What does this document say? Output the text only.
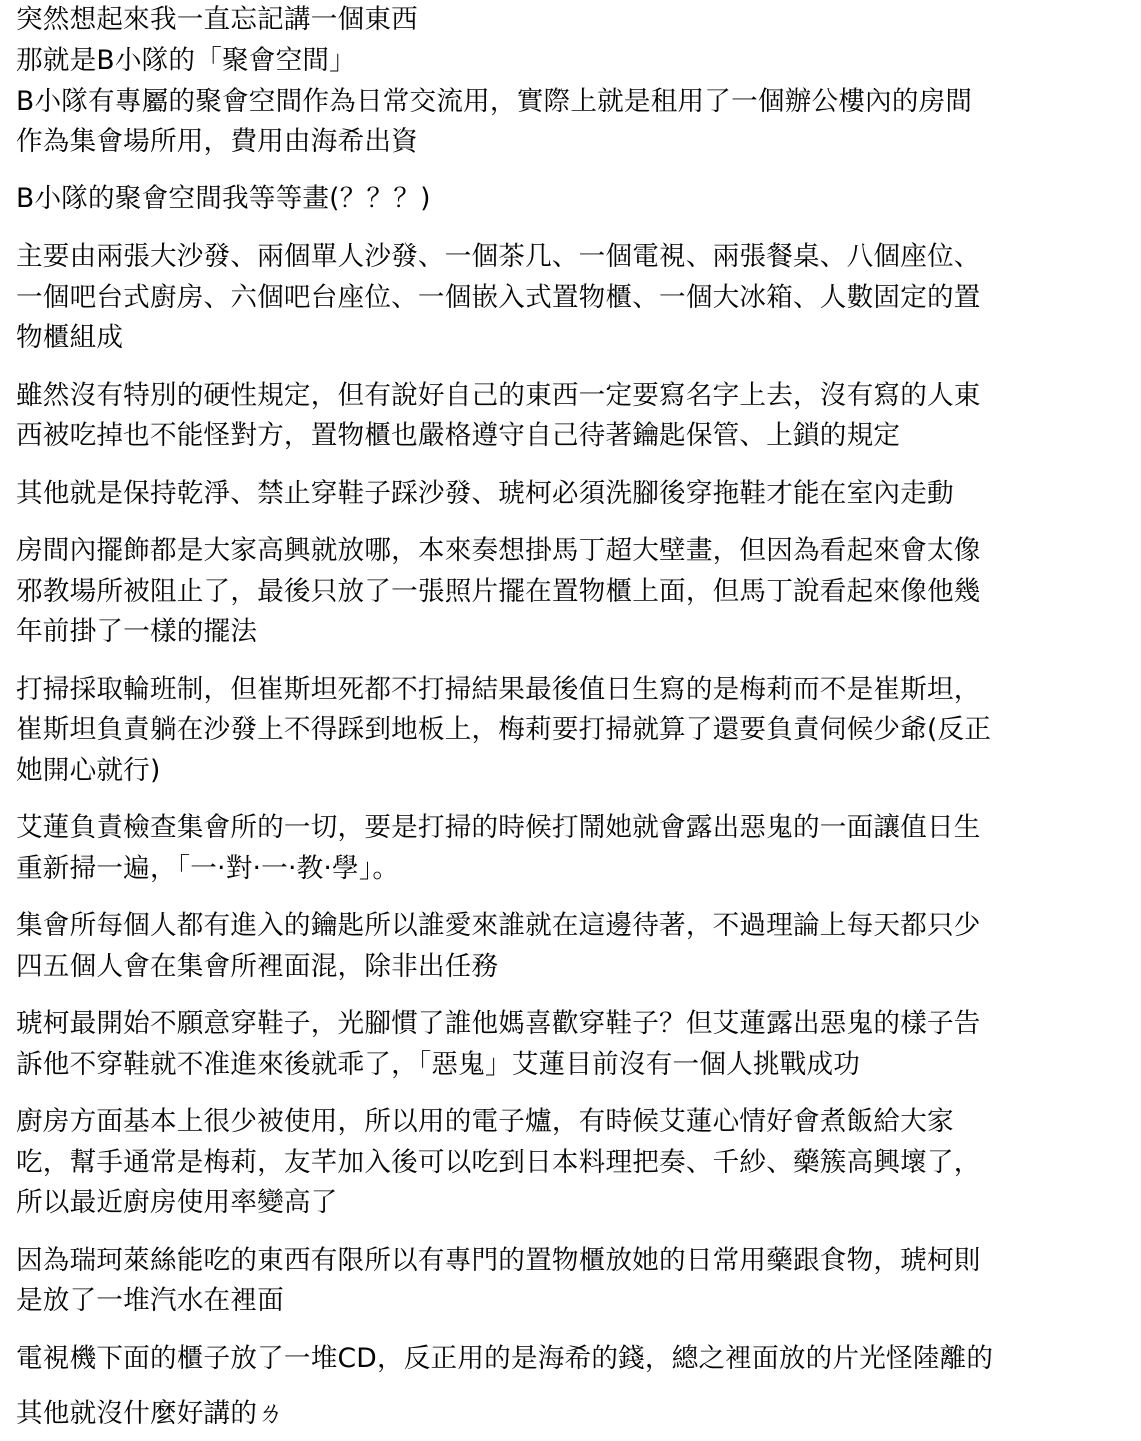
突然想起來我一直忘記講一個東西

那就是B小隊的「聚會空間」

B小隊有專屬的聚會空間作為日常交流用，實際上就是租用了一個辦公樓內的房間

作為集會場所用，費用由海希出資

B小隊的聚會空間我等等畫(？？？)

主要由兩張大沙發、兩個單人沙發、一個茶几、一個電視、兩張餐桌、八個座位、

一個吧台式廚房、六個吧台座位、一個嵌入式置物櫃、一個大冰箱、人數固定的置

物櫃組成

雖然沒有特別的硬性規定，但有說好自己的東西一定要寫名字上去，沒有寫的人東

西被吃掉也不能怪對方，置物櫃也嚴格遵守自己待著鑰匙保管、上鎖的規定

其他就是保持乾淨、禁止穿鞋子踩沙發、琥柯必須洗腳後穿拖鞋才能在室內走動

房間內擺飾都是大家高興就放哪，本來奏想掛馬丁超大壁畫，但因為看起來會太像

邪教場所被阻止了，最後只放了一張照片擺在置物櫃上面，但馬丁說看起來像他幾

年前掛了一樣的擺法

打掃採取輪班制，但崔斯坦死都不打掃結果最後值日生寫的是梅莉而不是崔斯坦，

崔斯坦負責躺在沙發上不得踩到地板上，梅莉要打掃就算了還要負責伺候少爺(反正

她開心就行)

艾蓮負責檢查集會所的一切，要是打掃的時候打鬧她就會露出惡鬼的一面讓值日生

重新掃一遍，「一‧對‧一‧教‧學」。

集會所每個人都有進入的鑰匙所以誰愛來誰就在這邊待著，不過理論上每天都只少

四五個人會在集會所裡面混，除非出任務

琥柯最開始不願意穿鞋子，光腳慣了誰他媽喜歡穿鞋子？但艾蓮露出惡鬼的樣子告

訴他不穿鞋就不准進來後就乖了，「惡鬼」艾蓮目前沒有一個人挑戰成功

廚房方面基本上很少被使用，所以用的電子爐，有時候艾蓮心情好會煮飯給大家

吃，幫手通常是梅莉，友芊加入後可以吃到日本料理把奏、千紗、藥簇高興壞了，

所以最近廚房使用率變高了

因為瑞珂萊絲能吃的東西有限所以有專門的置物櫃放她的日常用藥跟食物，琥柯則

是放了一堆汽水在裡面

電視機下面的櫃子放了一堆CD，反正用的是海希的錢，總之裡面放的片光怪陸離的

其他就沒什麼好講的ㄌ
